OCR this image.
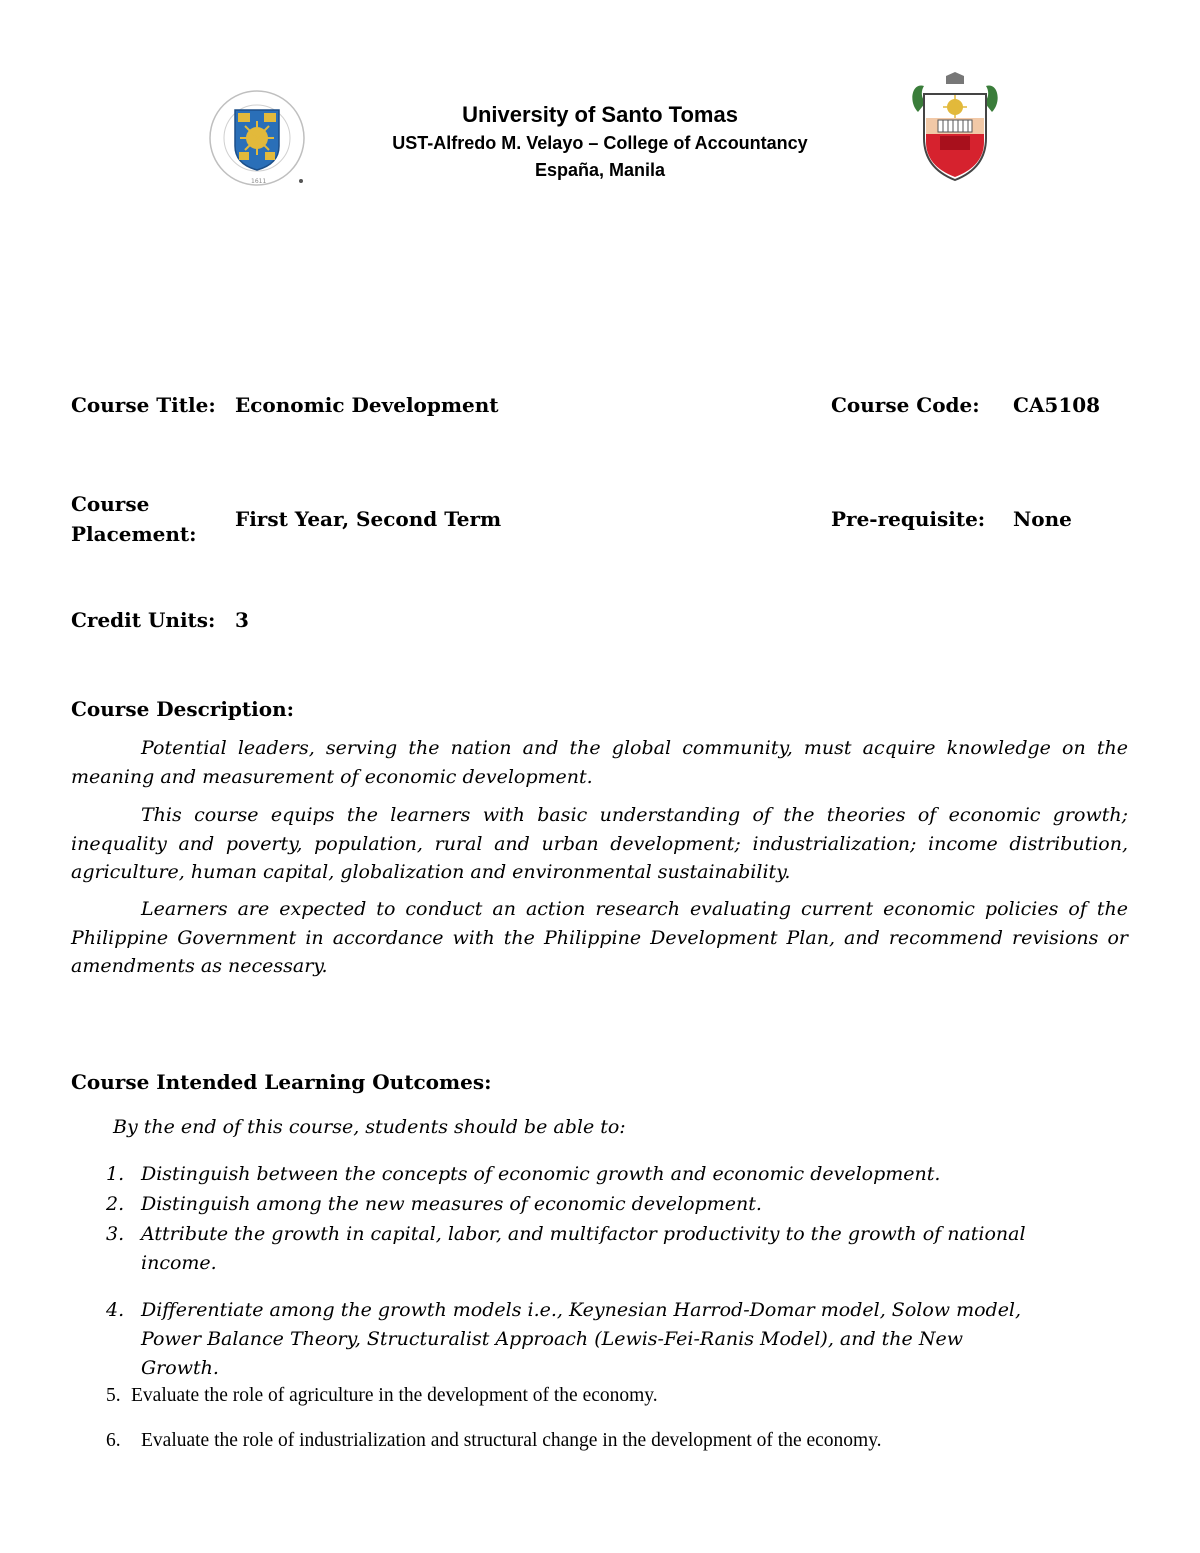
1611
University of Santo Tomas
UST-Alfredo M. Velayo – College of Accountancy
España, Manila
Course Title: Economic Development	Course Code: CA5108
Course
Placement:
First Year, Second Term	Pre-requisite: None
Credit Units: 3
Course Description:

Potential leaders, serving the nation and the global community, must acquire knowledge on the meaning and measurement of economic development.

This course equips the learners with basic understanding of the theories of economic growth; inequality and poverty, population, rural and urban development; industrialization; income distribution, agriculture, human capital, globalization and environmental sustainability.

Learners are expected to conduct an action research evaluating current economic policies of the Philippine Government in accordance with the Philippine Development Plan, and recommend revisions or amendments as necessary.

Course Intended Learning Outcomes:
By the end of this course, students should be able to:
1. Distinguish between the concepts of economic growth and economic development.
2. Distinguish among the new measures of economic development.
3. Attribute the growth in capital, labor, and multifactor productivity to the growth of national income.
4. Differentiate among the growth models i.e., Keynesian Harrod-Domar model, Solow model, Power Balance Theory, Structuralist Approach (Lewis-Fei-Ranis Model), and the New Growth.
5. Evaluate the role of agriculture in the development of the economy.
6.	Evaluate the role of industrialization and structural change in the development of the economy.
